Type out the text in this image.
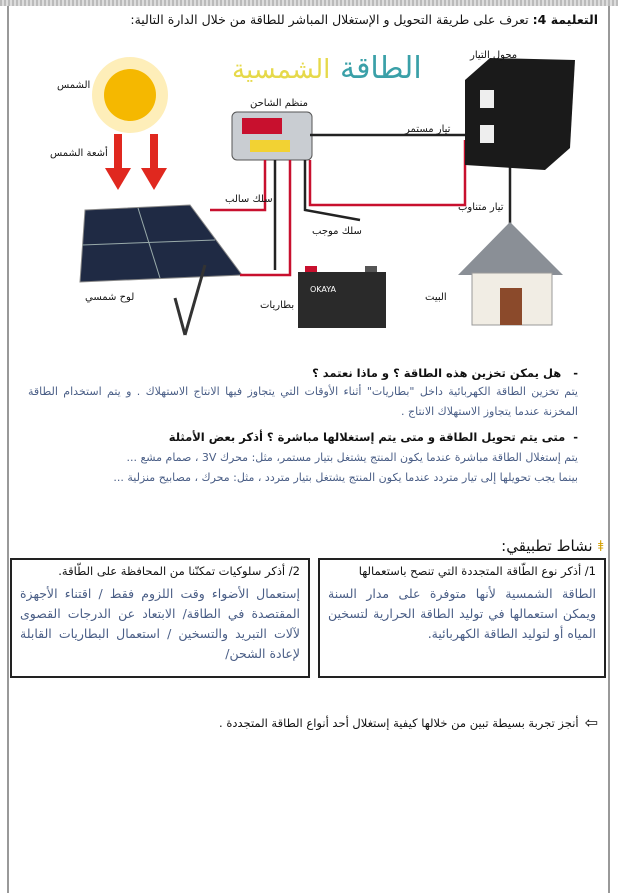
التعليمة 4: تعرف على طريقة التحويل و الإستغلال المباشر للطاقة من خلال الدارة التالية:
الطاقة
الشمسية
OKAYA
الشمس
أشعة الشمس
منظم الشاحن
محول التيار
تيار مستمر
تيار متناوب
سلك سالب
سلك موجب
بطاريات
لوح شمسي	البيت
-   هل يمكن تخزين هذه الطاقة ؟ و ماذا نعتمد ؟
يتم تخزين الطاقة الكهربائية داخل "بطاريات" أثناء الأوقات التي يتجاوز فيها الانتاج الاستهلاك . و يتم استخدام الطاقة المخزنة عندما يتجاوز الاستهلاك الانتاج .
-  متى يتم تحويل الطاقة و متى يتم إستغلالها مباشرة ؟ أذكر بعض الأمثلة
يتم إستغلال الطاقة مباشرة عندما يكون المنتج يشتغل بتيار مستمر، مثل: محرك 3V ، صمام مشع ...
بينما يجب تحويلها إلى تيار متردد عندما يكون المنتج يشتغل بتيار متردد ، مثل: محرك ، مصابيح منزلية ...
⯒ نشاط تطبيقي:
1/ أذكر نوع الطّاقة المتجددة التي تنصح باستعمالها
الطاقة الشمسية لأنها متوفرة على مدار السنة ويمكن استعمالها في توليد الطاقة الحرارية لتسخين المياه أو لتوليد الطاقة الكهربائية.
2/ أذكر سلوكيات تمكنّنا من المحافظة على الطّاقة.
إستعمال الأضواء وقت اللزوم فقط / اقتناء الأجهزة المقتصدة في الطاقة/ الابتعاد عن الدرجات القصوى لآلات التبريد والتسخين / استعمال البطاريات القابلة لإعادة الشحن/
⇦
أنجز تجربة بسيطة تبين من خلالها كيفية إستغلال أحد أنواع الطاقة المتجددة .
